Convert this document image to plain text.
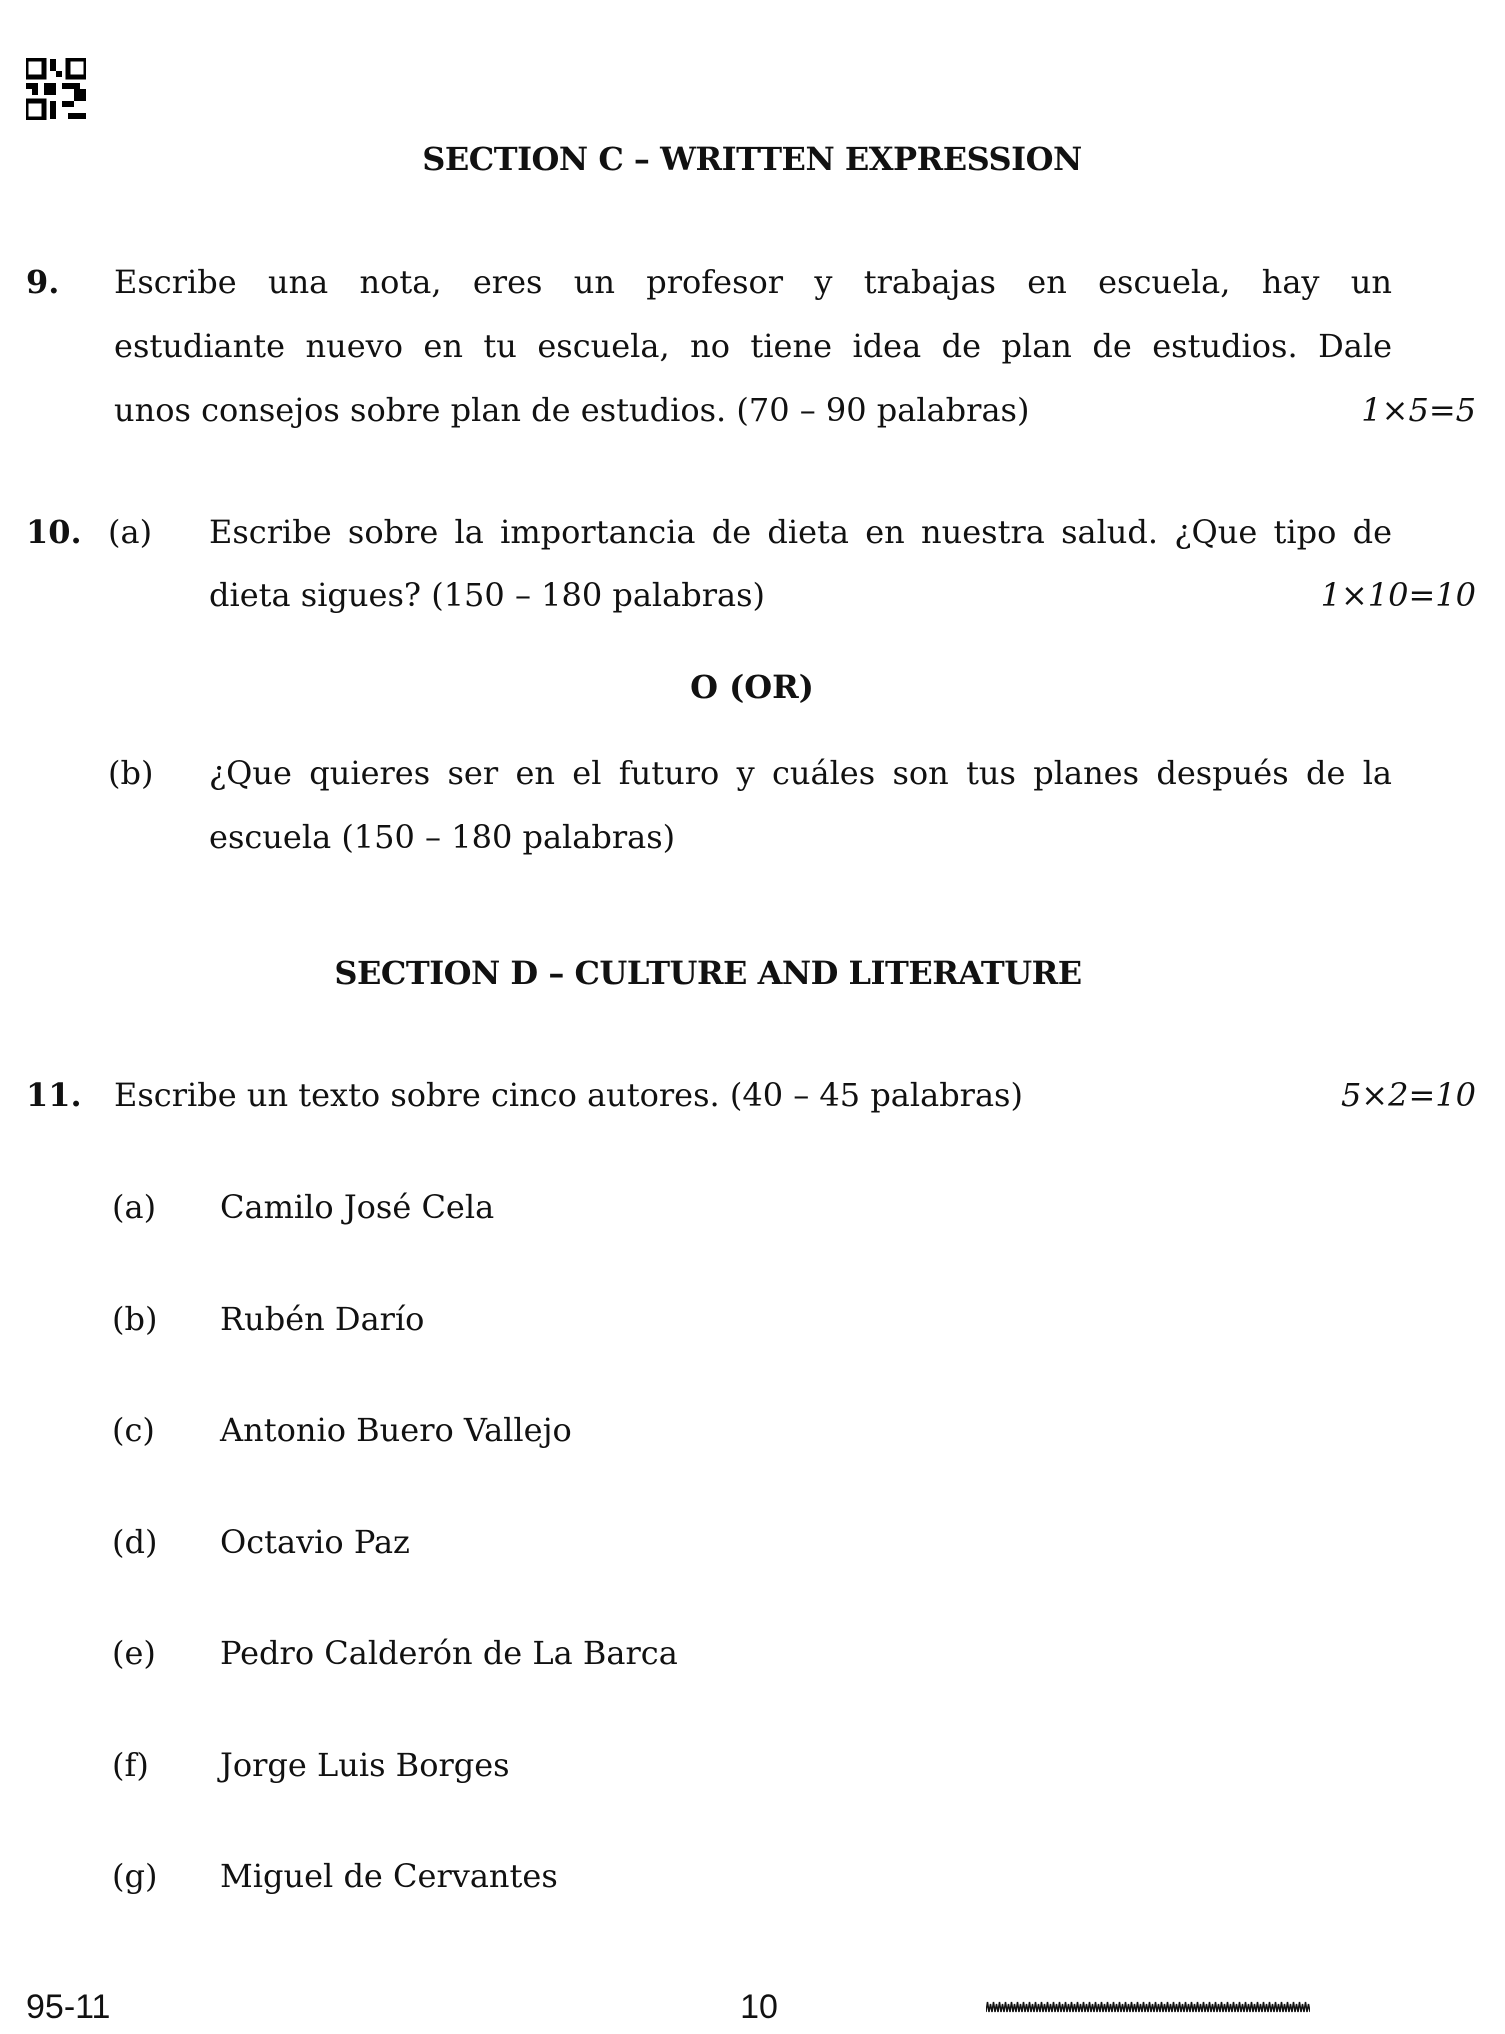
SECTION C – WRITTEN EXPRESSION
9. Escribe una nota, eres un profesor y trabajas en escuela, hay un
estudiante nuevo en tu escuela, no tiene idea de plan de estudios. Dale
unos consejos sobre plan de estudios. (70 – 90 palabras)	1×5=5
10. (a) Escribe sobre la importancia de dieta en nuestra salud. ¿Que tipo de
dieta sigues? (150 – 180 palabras)	1×10=10
O (OR)
(b) ¿Que quieres ser en el futuro y cuáles son tus planes después de la
escuela (150 – 180 palabras)
SECTION D – CULTURE AND LITERATURE
11. Escribe un texto sobre cinco autores. (40 – 45 palabras)	5×2=10
(a) Camilo José Cela
(b) Rubén Darío
(c) Antonio Buero Vallejo
(d) Octavio Paz
(e) Pedro Calderón de La Barca
(f) Jorge Luis Borges
(g) Miguel de Cervantes
95-11	10
